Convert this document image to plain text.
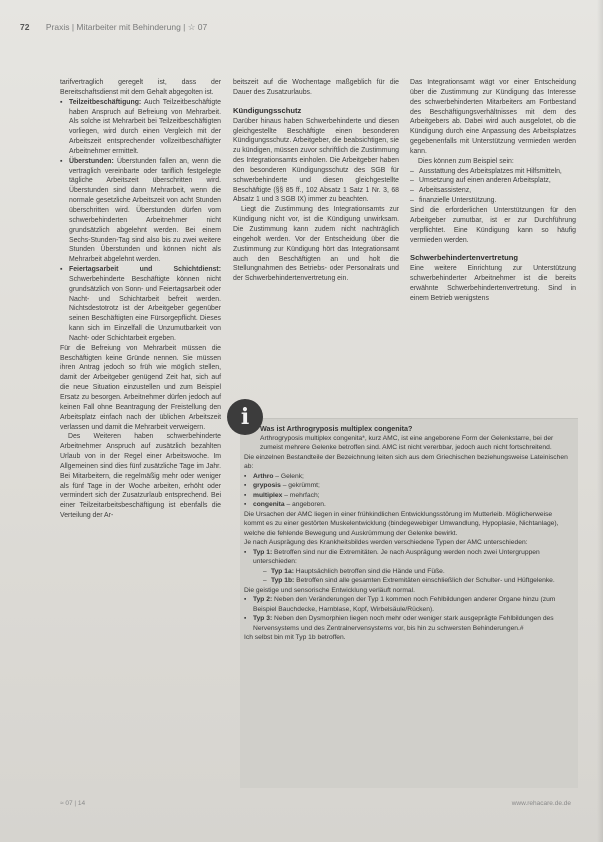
72 Praxis | Mitarbeiter mit Behinderung | ☆ 07

tarifvertraglich geregelt ist, dass der Bereitschaftsdienst mit dem Gehalt abgegolten ist.

▪ Teilzeitbeschäftigung: Auch Teilzeitbeschäftigte haben Anspruch auf Befreiung von Mehrarbeit. Als solche ist Mehrarbeit bei Teilzeitbeschäftigten vorliegen, wird durch einen Vergleich mit der Arbeitszeit entsprechender vollzeitbeschäftigter Arbeitnehmer ermittelt.
▪ Überstunden: Überstunden fallen an, wenn die vertraglich vereinbarte oder tariflich festgelegte tägliche Arbeitszeit überschritten wird. Überstunden sind dann Mehrarbeit, wenn die normale gesetzliche Arbeitszeit von acht Stunden überschritten wird. Überstunden dürfen vom schwerbehinderten Arbeitnehmer nicht grundsätzlich abgelehnt werden. Bei einem Sechs-Stunden-Tag sind also bis zu zwei weitere Stunden Überstunden und können nicht als Mehrarbeit abgelehnt werden.
▪ Feiertagsarbeit und Schichtdienst: Schwerbehinderte Beschäftigte können nicht grundsätzlich von Sonn- und Feiertagsarbeit oder Nacht- und Schichtarbeit befreit werden. Nichtsdestotrotz ist der Arbeitgeber gegenüber seinen Beschäftigten eine Fürsorgepflicht. Dieses kann sich im Einzelfall die Unzumutbarkeit von Nacht- oder Schichtarbeit ergeben.

Für die Befreiung von Mehrarbeit müssen die Beschäftigten keine Gründe nennen. Sie müssen ihren Antrag jedoch so früh wie möglich stellen, damit der Arbeitgeber genügend Zeit hat, sich auf die neue Situation einzustellen und zum Beispiel Ersatz zu besorgen. Arbeitnehmer dürfen jedoch auf keinen Fall ohne Beantragung der Freistellung den Arbeitsplatz einfach nach der üblichen Arbeitszeit verlassen und damit die Mehrarbeit verweigern.

Des Weiteren haben schwerbehinderte Arbeitnehmer Anspruch auf zusätzlich bezahlten Urlaub von in der Regel einer Arbeitswoche. Im Allgemeinen sind dies fünf zusätzliche Tage im Jahr. Bei Mitarbeitern, die regelmäßig mehr oder weniger als fünf Tage in der Woche arbeiten, erhöht oder vermindert sich der Zusatzurlaub entsprechend. Bei einer Teilzeitarbeitsbeschäftigung ist ebenfalls die Verteilung der Ar-

beitszeit auf die Wochentage maßgeblich für die Dauer des Zusatzurlaubs.

Kündigungsschutz

Darüber hinaus haben Schwerbehinderte und diesen gleichgestellte Beschäftigte einen besonderen Kündigungsschutz. Arbeitgeber, die beabsichtigen, sie zu kündigen, müssen zuvor schriftlich die Zustimmung des Integrationsamts einholen. Die Arbeitgeber haben den besonderen Kündigungsschutz des SGB für schwerbehinderte und diesen gleichgestellte Beschäftigte (§§ 85 ff., 102 Absatz 1 Satz 1 Nr. 3, 68 Absatz 1 und 3 SGB IX) immer zu beachten.

Liegt die Zustimmung des Integrationsamts zur Kündigung nicht vor, ist die Kündigung unwirksam. Die Zustimmung kann zudem nicht nachträglich eingeholt werden. Vor der Entscheidung über die Zustimmung zur Kündigung hört das Integrationsamt auch den Beschäftigten an und holt die Stellungnahmen des Betriebs- oder Personalrats und der Schwerbehindertenvertretung ein.

Das Integrationsamt wägt vor einer Entscheidung über die Zustimmung zur Kündigung das Interesse des schwerbehinderten Mitarbeiters am Fortbestand des Beschäftigungsverhältnisses mit dem des Arbeitgebers ab. Dabei wird auch ausgelotet, ob die Kündigung durch eine Anpassung des Arbeitsplatzes gegebenenfalls mit Unterstützung vermieden werden kann.

Dies können zum Beispiel sein:

– Ausstattung des Arbeitsplatzes mit Hilfsmitteln,
– Umsetzung auf einen anderen Arbeitsplatz,
– Arbeitsassistenz,
– finanzielle Unterstützung.

Sind die erforderlichen Unterstützungen für den Arbeitgeber zumutbar, ist er zur Durchführung verpflichtet. Eine Kündigung kann so häufig vermieden werden.

Schwerbehindertenvertretung

Eine weitere Einrichtung zur Unterstützung schwerbehinderter Arbeitnehmer ist die bereits erwähnte Schwerbehindertenvertretung. Sind in einem Betrieb wenigstens

i	Was ist Arthrogryposis multiplex congenita?
Arthrogryposis multiplex congenita*, kurz AMC, ist eine angeborene Form der Gelenkstarre, bei der zumeist mehrere Gelenke betroffen sind. AMC ist nicht vererbbar, jedoch auch nicht fortschreitend.
Die einzelnen Bestandteile der Bezeichnung leiten sich aus dem Griechischen beziehungsweise Lateinischen ab:
▪ Arthro – Gelenk;
▪ gryposis – gekrümmt;
▪ multiplex – mehrfach;
▪ congenita – angeboren.
Die Ursachen der AMC liegen in einer frühkindlichen Entwicklungsstörung im Mutterleib. Möglicherweise kommt es zu einer gestörten Muskelentwicklung (bindegewebiger Umwandlung, Hypoplasie, Nichtanlage), welche die fehlende Bewegung und Auskrümmung der Gelenke bewirkt.
Je nach Ausprägung des Krankheitsbildes werden verschiedene Typen der AMC unterschieden:
▪ Typ 1: Betroffen sind nur die Extremitäten. Je nach Ausprägung werden noch zwei Untergruppen unterschieden:
– Typ 1a: Hauptsächlich betroffen sind die Hände und Füße.
– Typ 1b: Betroffen sind alle gesamten Extremitäten einschließlich der Schulter- und Hüftgelenke.
Die geistige und sensorische Entwicklung verläuft normal.
▪ Typ 2: Neben den Veränderungen der Typ 1 kommen noch Fehlbildungen anderer Organe hinzu (zum Beispiel Bauchdecke, Harnblase, Kopf, Wirbelsäule/Rücken).
▪ Typ 3: Neben den Dysmorphien liegen noch mehr oder weniger stark ausgeprägte Fehlbildungen des Nervensystems und des Zentralnervensystems vor, bis hin zu schwersten Behinderungen.#
Ich selbst bin mit Typ 1b betroffen.
≈ 07 | 14	www.rehacare.de.de
